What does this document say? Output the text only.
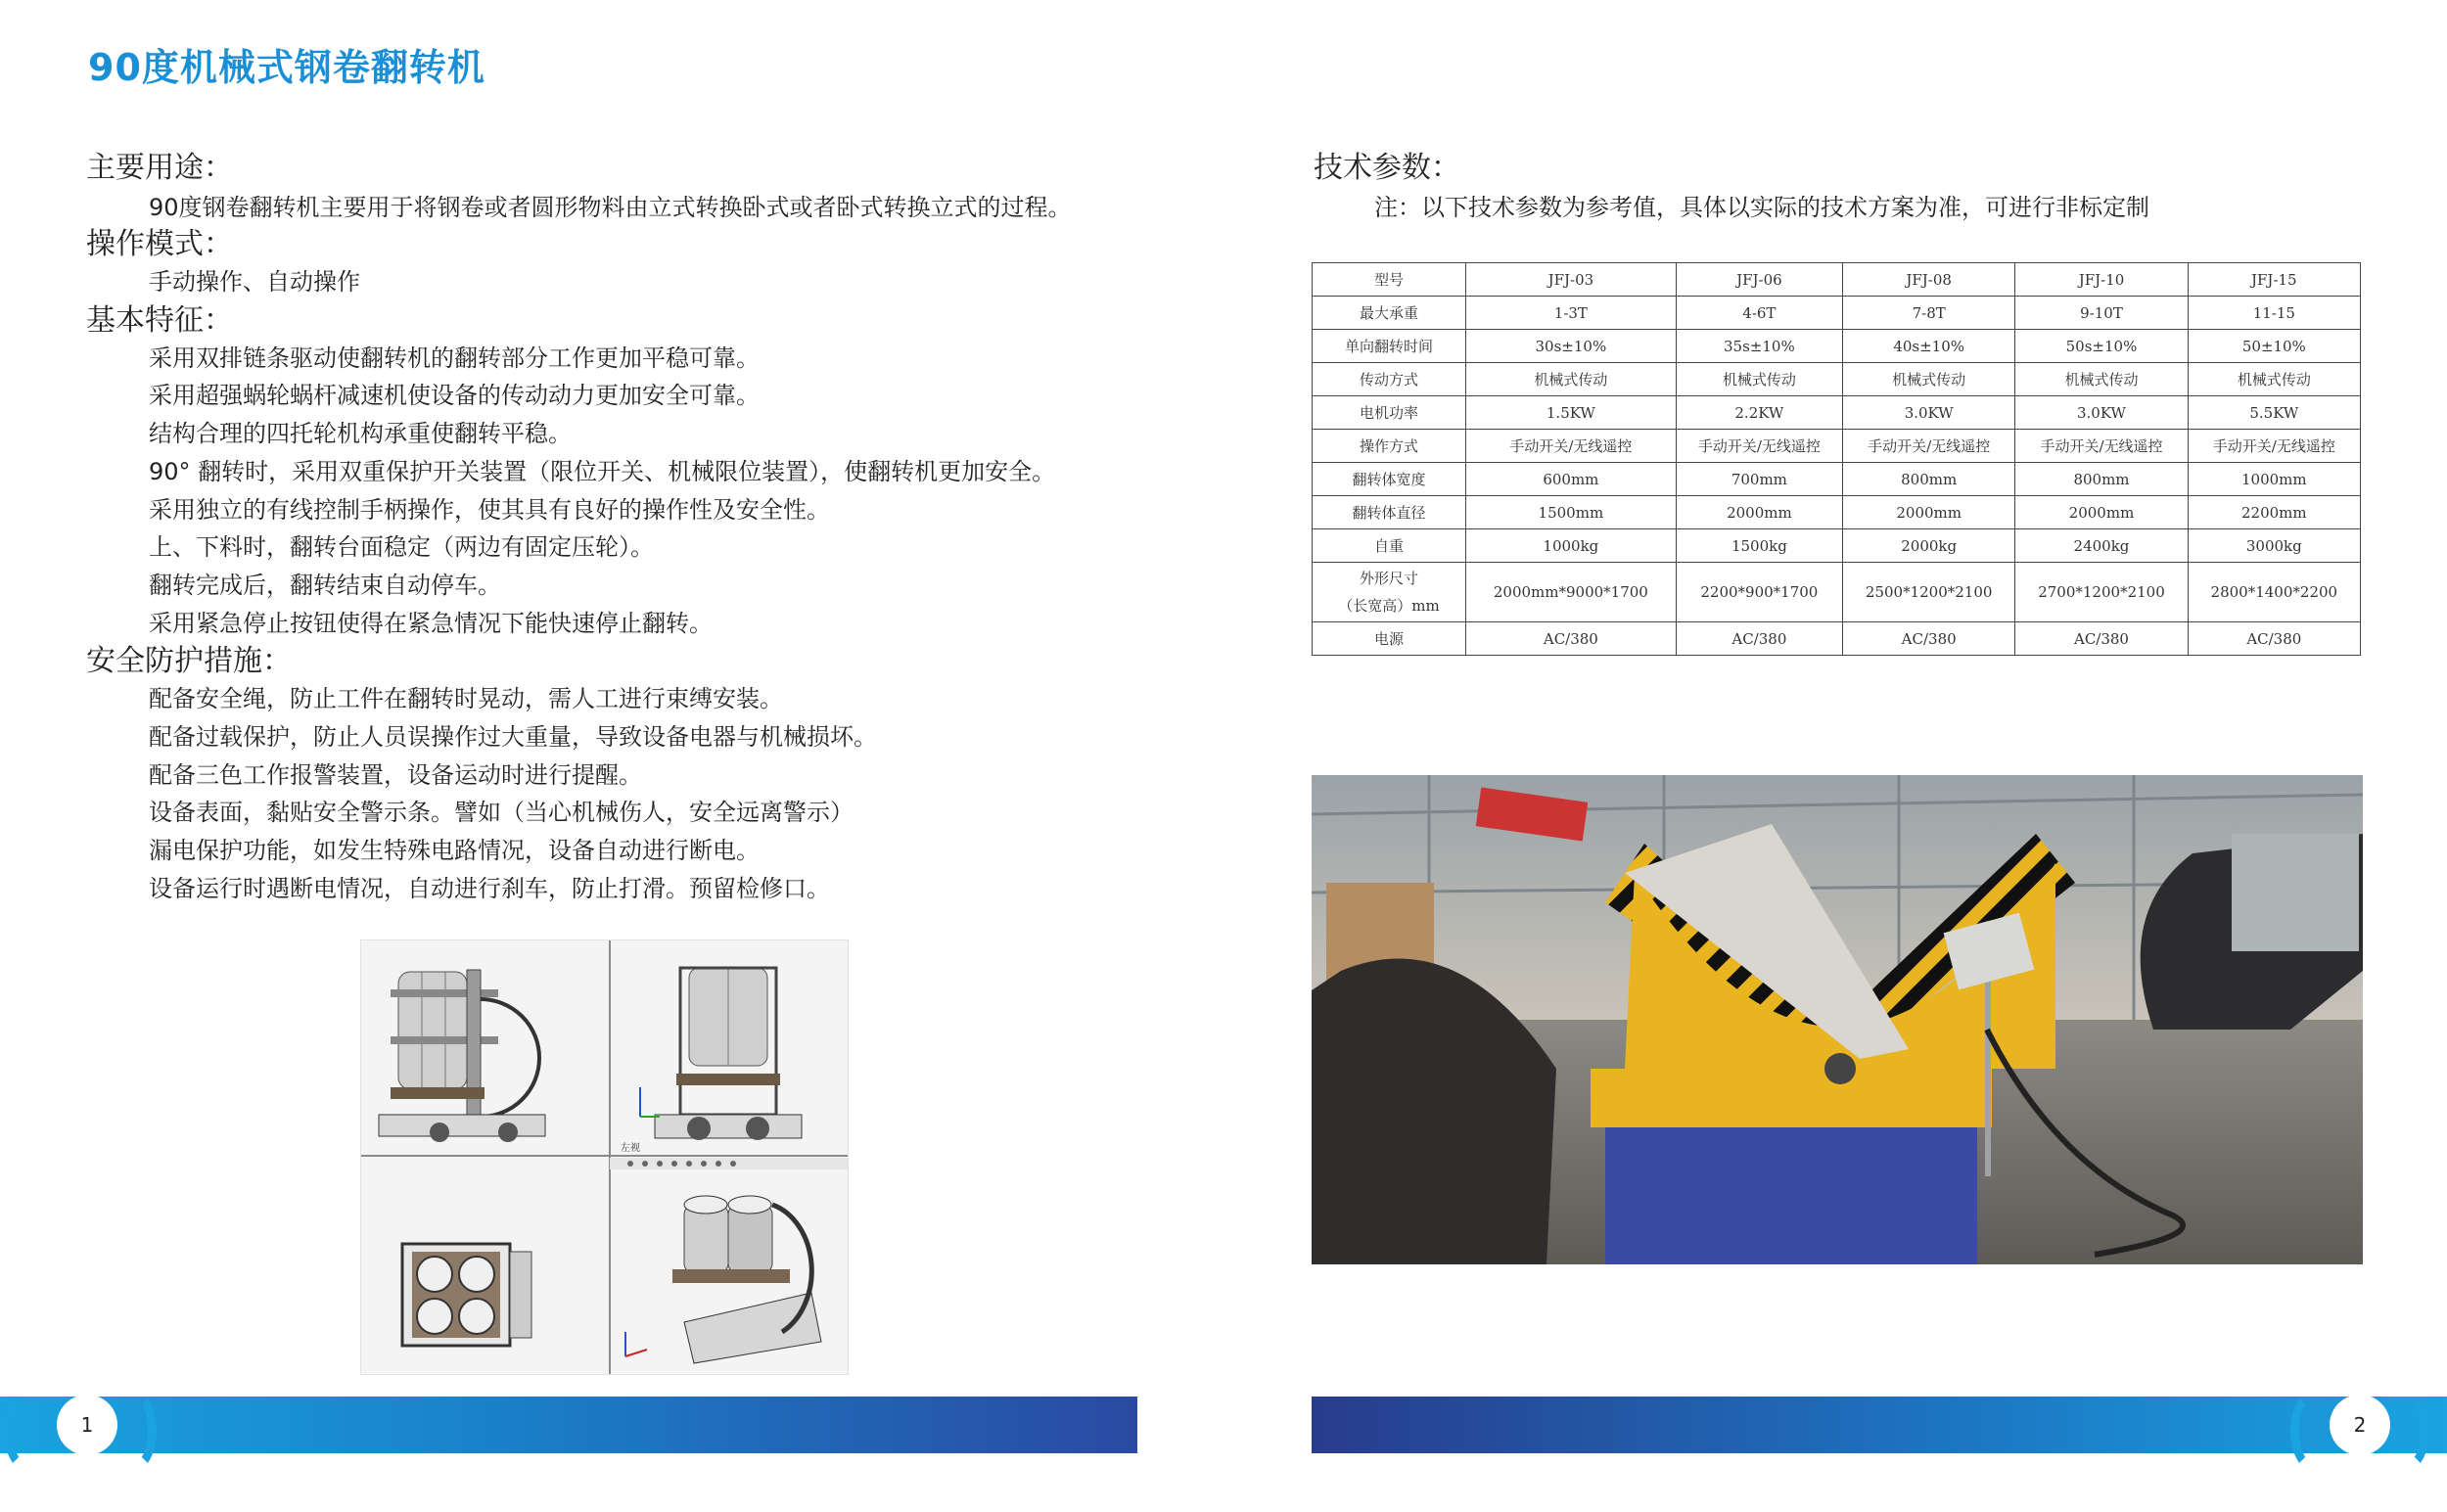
90度机械式钢卷翻转机
主要用途：
90度钢卷翻转机主要用于将钢卷或者圆形物料由立式转换卧式或者卧式转换立式的过程。
操作模式：
手动操作、自动操作
基本特征：
采用双排链条驱动使翻转机的翻转部分工作更加平稳可靠。
采用超强蜗轮蜗杆减速机使设备的传动动力更加安全可靠。
结构合理的四托轮机构承重使翻转平稳。
90° 翻转时，采用双重保护开关装置（限位开关、机械限位装置），使翻转机更加安全。
采用独立的有线控制手柄操作，使其具有良好的操作性及安全性。
上、下料时，翻转台面稳定（两边有固定压轮）。
翻转完成后，翻转结束自动停车。
采用紧急停止按钮使得在紧急情况下能快速停止翻转。
安全防护措施：
配备安全绳，防止工件在翻转时晃动，需人工进行束缚安装。
配备过载保护，防止人员误操作过大重量，导致设备电器与机械损坏。
配备三色工作报警装置，设备运动时进行提醒。
设备表面，黏贴安全警示条。譬如（当心机械伤人，安全远离警示）
漏电保护功能，如发生特殊电路情况，设备自动进行断电。
设备运行时遇断电情况，自动进行刹车，防止打滑。预留检修口。
左视
技术参数：
注：以下技术参数为参考值，具体以实际的技术方案为准，可进行非标定制
型号	JFJ-03	JFJ-06	JFJ-08	JFJ-10	JFJ-15
最大承重	1-3T	4-6T	7-8T	9-10T	11-15
单向翻转时间	30s±10%	35s±10%	40s±10%	50s±10%	50±10%
传动方式	机械式传动	机械式传动	机械式传动	机械式传动	机械式传动
电机功率	1.5KW	2.2KW	3.0KW	3.0KW	5.5KW
操作方式	手动开关/无线遥控	手动开关/无线遥控	手动开关/无线遥控	手动开关/无线遥控	手动开关/无线遥控
翻转体宽度	600mm	700mm	800mm	800mm	1000mm
翻转体直径	1500mm	2000mm	2000mm	2000mm	2200mm
自重	1000kg	1500kg	2000kg	2400kg	3000kg

外形尺寸
（长宽高）mm	2000mm*9000*1700	2200*900*1700	2500*1200*2100	2700*1200*2100	2800*1400*2200
电源	AC/380	AC/380	AC/380	AC/380	AC/380
1	2
